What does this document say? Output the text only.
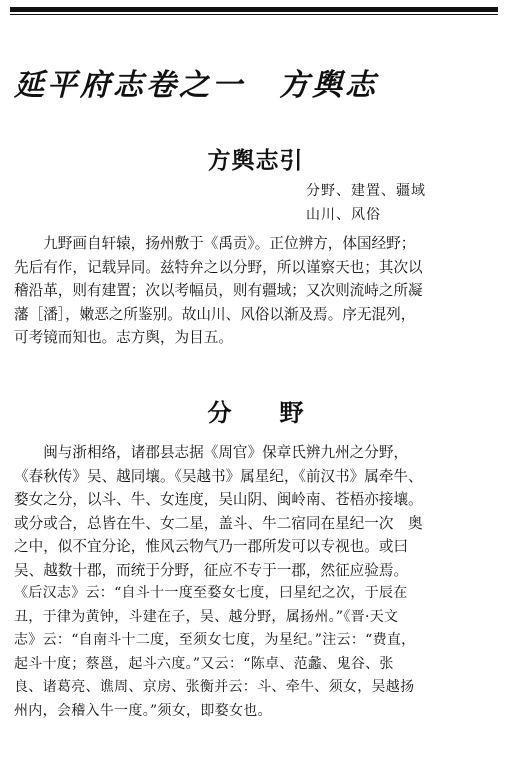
延平府志卷之一 方舆志
方舆志引
分野、建置、疆域
山川、风俗
　　九野画自轩辕，扬州敷于《禹贡》。正位辨方，体国经野；
先后有作，记载异同。兹特弁之以分野，所以谨察天也；其次以
稽沿革，则有建置；次以考幅员，则有疆域；又次则流峙之所凝
藩［潘］，嫩恶之所鉴别。故山川、风俗以渐及焉。序无混列，
可考镜而知也。志方舆，为目五。
分 野
　　闽与浙相络，诸郡县志据《周官》保章氏辨九州之分野，
《春秋传》吴、越同壤。《吴越书》属星纪，《前汉书》属牵牛、
婺女之分，以斗、牛、女连度，吴山阴、闽岭南、苍梧亦接壤。
或分或合，总皆在牛、女二星，盖斗、牛二宿同在星纪一次　奥
之中，似不宜分论，惟风云物气乃一郡所发可以专视也。或曰
吴、越数十郡，而统于分野，征应不专于一郡，然征应验焉。
《后汉志》云：“自斗十一度至婺女七度，曰星纪之次，于辰在
丑，于律为黄钟，斗建在子，吴、越分野，属扬州。”《晋·天文
志》云：“自南斗十二度，至须女七度，为星纪。”注云：“费直，
起斗十度；蔡邕，起斗六度。”又云：“陈卓、范蠡、鬼谷、张
良、诸葛亮、谯周、京房、张衡并云：斗、牵牛、须女，吴越扬
州内，会稽入牛一度。”须女，即婺女也。
